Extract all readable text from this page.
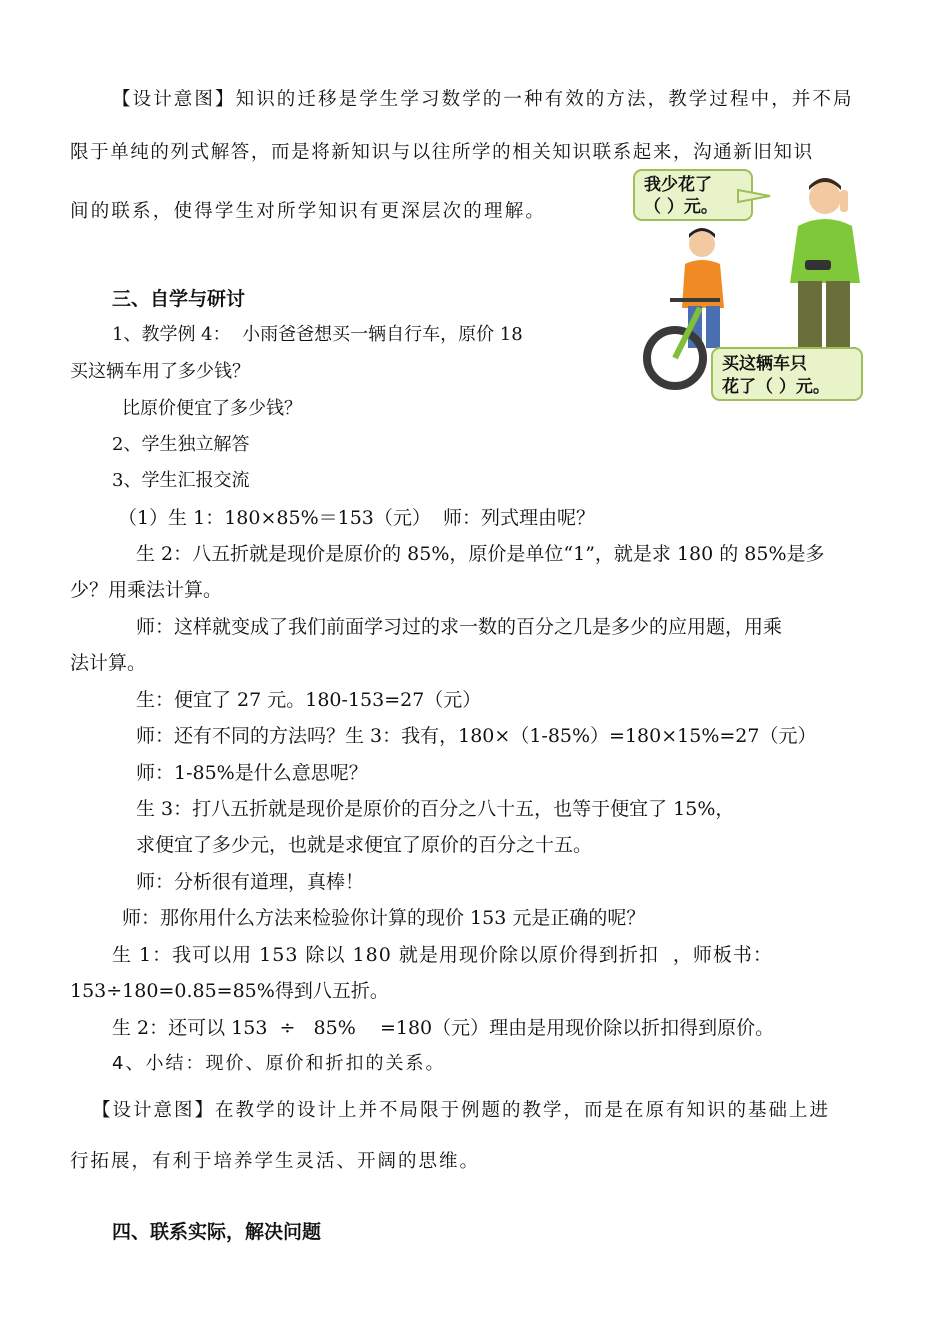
【设计意图】知识的迁移是学生学习数学的一种有效的方法，教学过程中，并不局
限于单纯的列式解答，而是将新知识与以往所学的相关知识联系起来，沟通新旧知识
间的联系，使得学生对所学知识有更深层次的理解。
我少花了
（ ）元。
买这辆车只
花了（ ）元。
三、自学与研讨
1、教学例 4：  小雨爸爸想买一辆自行车，原价 18
买这辆车用了多少钱？
比原价便宜了多少钱？
2、学生独立解答
3、学生汇报交流
（1）生 1：180×85%＝153（元）  师：列式理由呢？
生 2：八五折就是现价是原价的 85%，原价是单位“1”，就是求 180 的 85%是多
少？用乘法计算。
师：这样就变成了我们前面学习过的求一数的百分之几是多少的应用题，用乘
法计算。
生：便宜了 27 元。180-153=27（元）
师：还有不同的方法吗？生 3：我有，180×（1-85%）=180×15%=27（元）
师：1-85%是什么意思呢？
生 3：打八五折就是现价是原价的百分之八十五，也等于便宜了 15%，
求便宜了多少元，也就是求便宜了原价的百分之十五。
师：分析很有道理，真棒！
师：那你用什么方法来检验你计算的现价 153 元是正确的呢？
生 1：我可以用 153 除以 180 就是用现价除以原价得到折扣  ，师板书：
153÷180=0.85=85%得到八五折。
生 2：还可以 153  ÷   85%    =180（元）理由是用现价除以折扣得到原价。
4、小结：现价、原价和折扣的关系。
【设计意图】在教学的设计上并不局限于例题的教学，而是在原有知识的基础上进
行拓展，有利于培养学生灵活、开阔的思维。
四、联系实际，解决问题
